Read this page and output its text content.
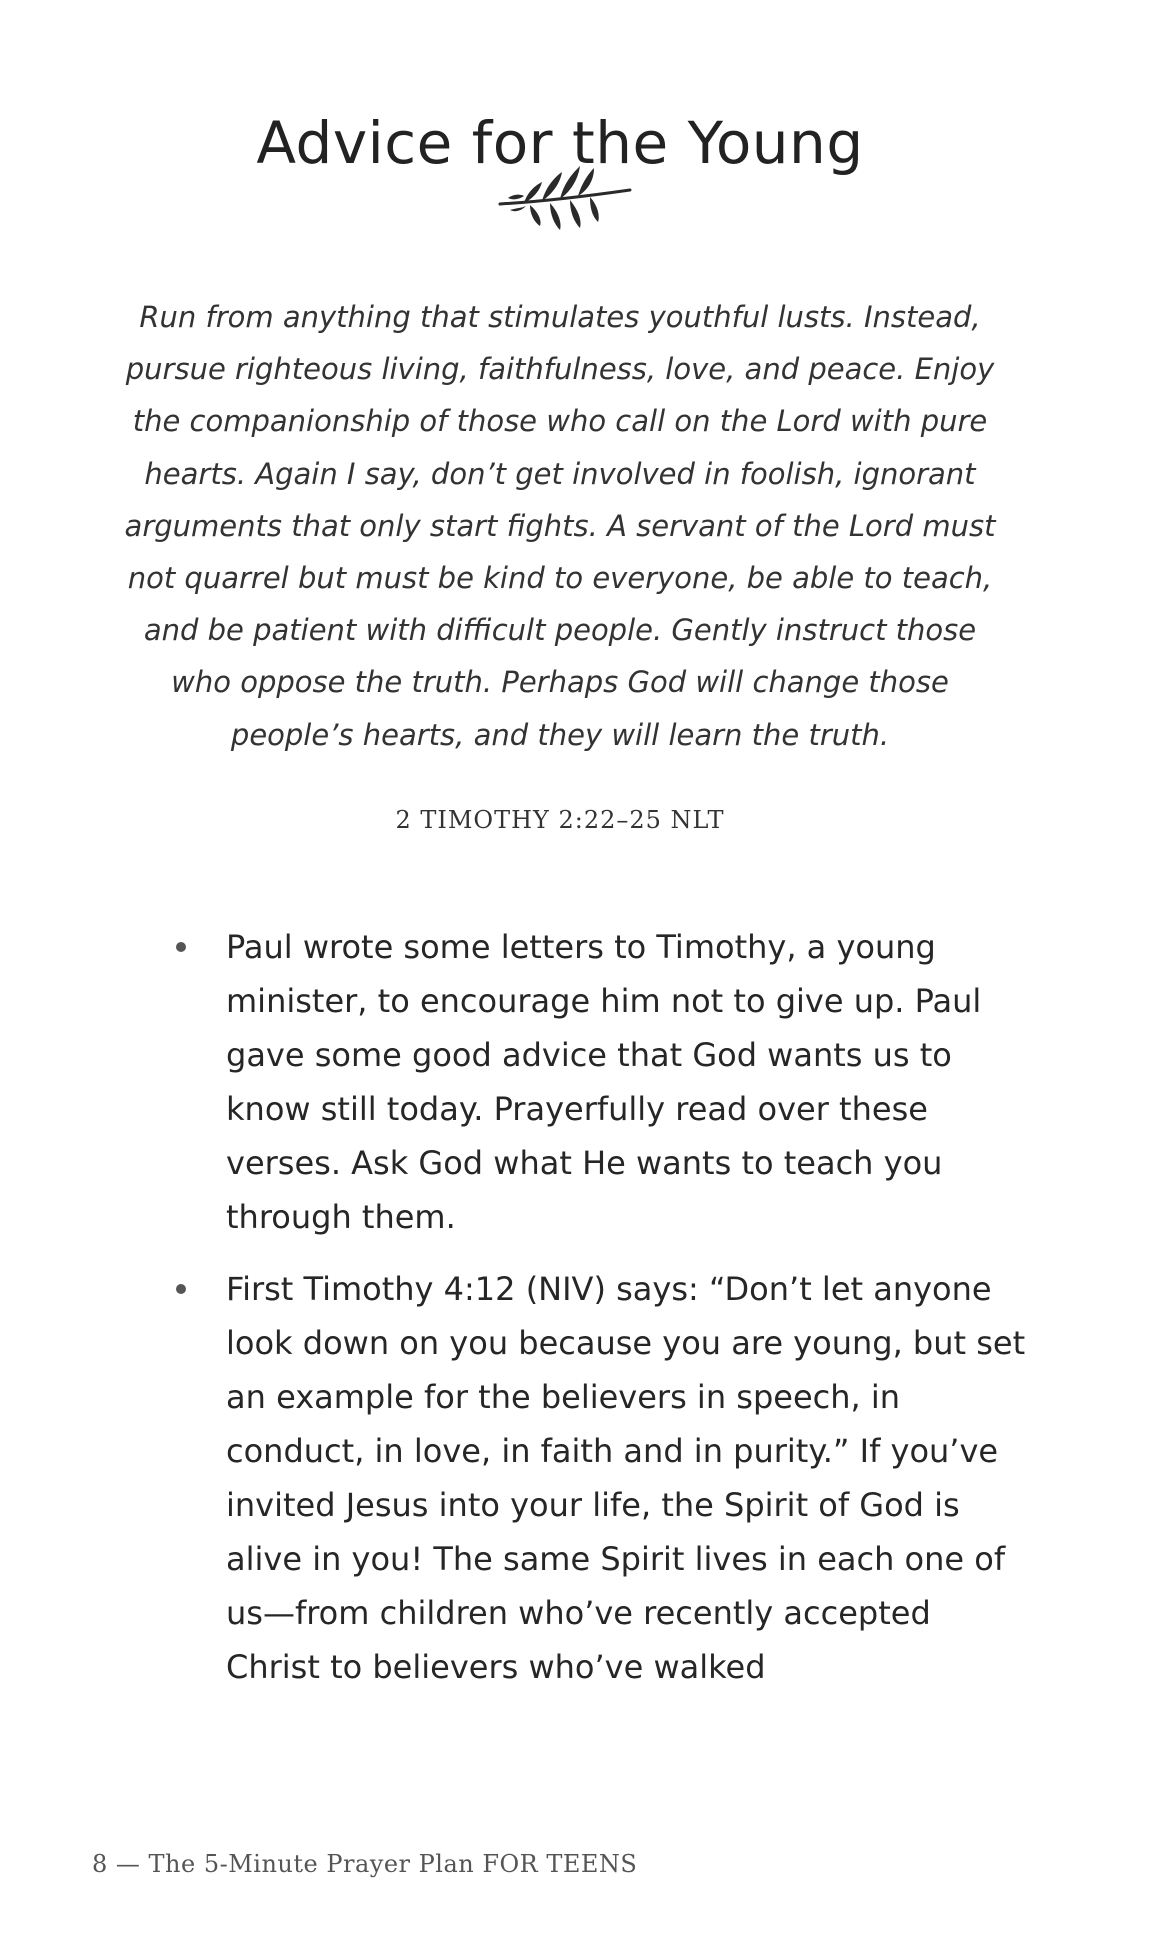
Advice for the Young

Run from anything that stimulates youthful lusts. Instead, pursue righteous living, faithfulness, love, and peace. Enjoy the companionship of those who call on the Lord with pure hearts. Again I say, don’t get involved in foolish, ignorant arguments that only start fights. A servant of the Lord must not quarrel but must be kind to everyone, be able to teach, and be patient with difficult people. Gently instruct those who oppose the truth. Perhaps God will change those people’s hearts, and they will learn the truth.

2 TIMOTHY 2:22–25 NLT
Paul wrote some letters to Timothy, a young minister, to encourage him not to give up. Paul gave some good advice that God wants us to know still today. Prayerfully read over these verses. Ask God what He wants to teach you through them.
First Timothy 4:12 (NIV) says: “Don’t let anyone look down on you because you are young, but set an example for the believers in speech, in conduct, in love, in faith and in purity.” If you’ve invited Jesus into your life, the Spirit of God is alive in you! The same Spirit lives in each one of us—from children who’ve recently accepted Christ to believers who’ve walked
8 — The 5-Minute Prayer Plan FOR TEENS
